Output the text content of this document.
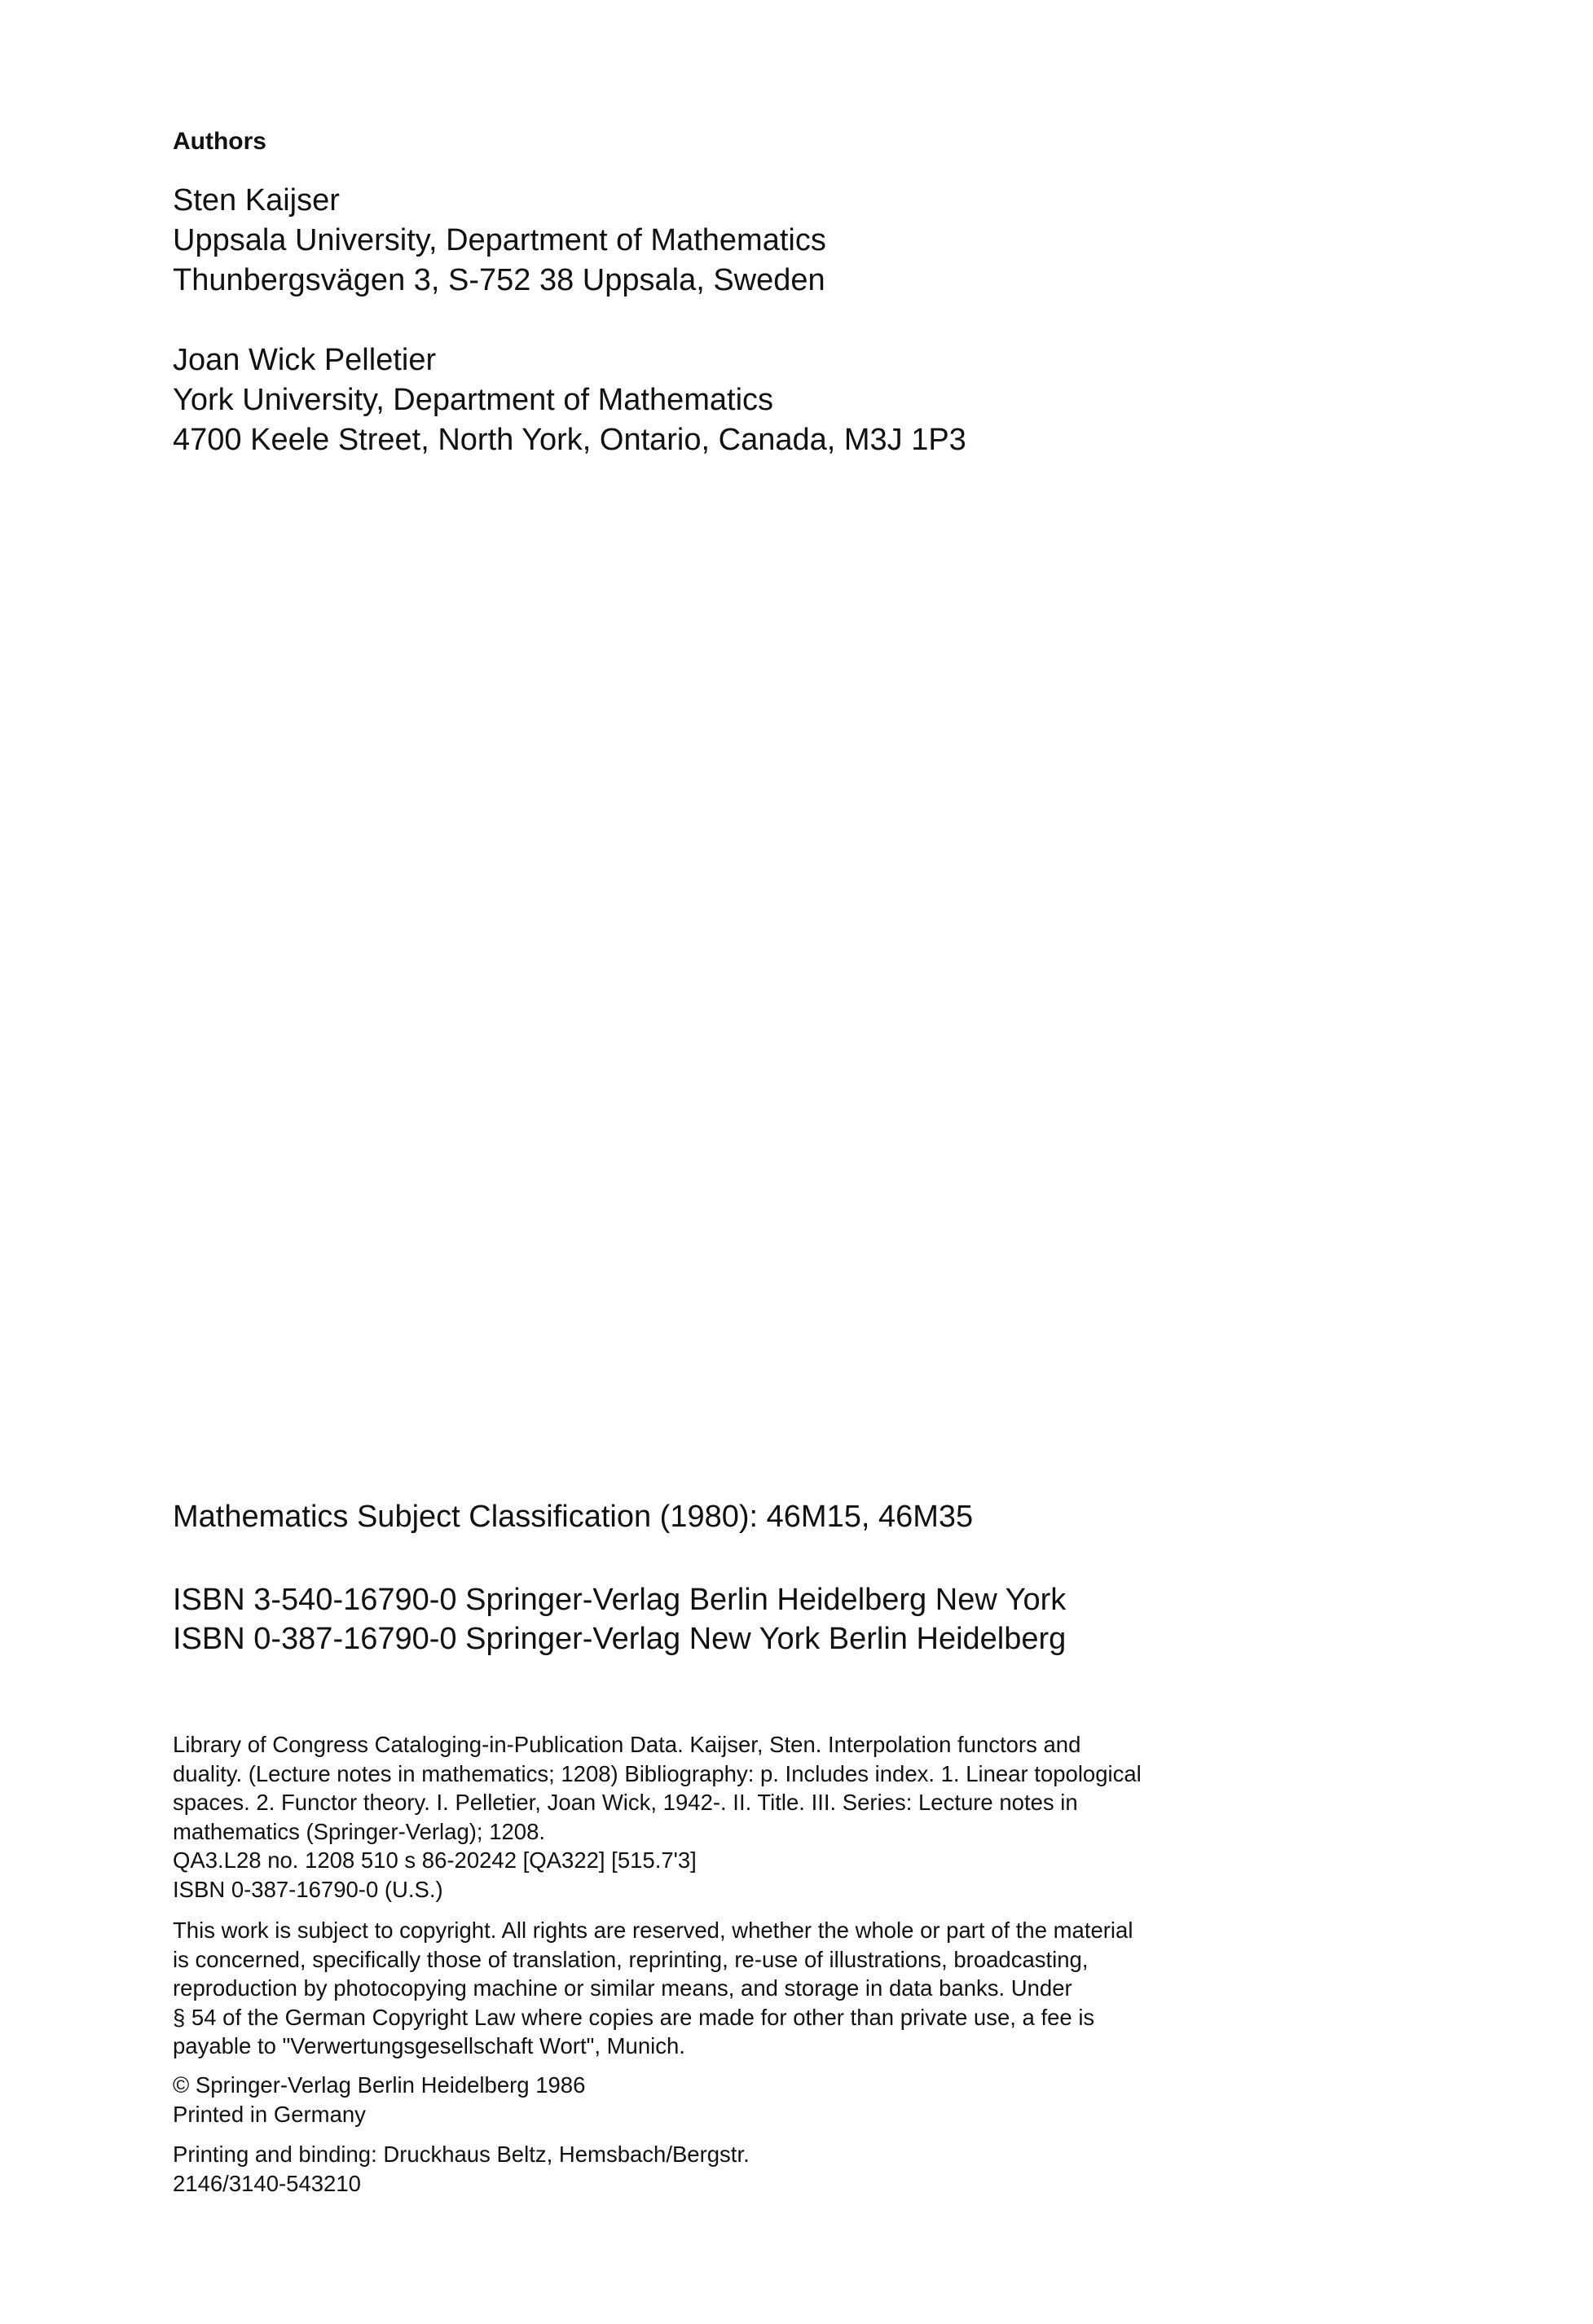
Authors
Sten Kaijser
Uppsala University, Department of Mathematics
Thunbergsvägen 3, S-752 38 Uppsala, Sweden
Joan Wick Pelletier
York University, Department of Mathematics
4700 Keele Street, North York, Ontario, Canada, M3J 1P3
Mathematics Subject Classification (1980): 46M15, 46M35
ISBN 3-540-16790-0 Springer-Verlag Berlin Heidelberg New York
ISBN 0-387-16790-0 Springer-Verlag New York Berlin Heidelberg
Library of Congress Cataloging-in-Publication Data. Kaijser, Sten. Interpolation functors and
duality. (Lecture notes in mathematics; 1208) Bibliography: p. Includes index. 1. Linear topological
spaces. 2. Functor theory. I. Pelletier, Joan Wick, 1942-. II. Title. III. Series: Lecture notes in
mathematics (Springer-Verlag); 1208.
QA3.L28 no. 1208 510 s 86-20242 [QA322] [515.7'3]
ISBN 0-387-16790-0 (U.S.)
This work is subject to copyright. All rights are reserved, whether the whole or part of the material
is concerned, specifically those of translation, reprinting, re-use of illustrations, broadcasting,
reproduction by photocopying machine or similar means, and storage in data banks. Under
§ 54 of the German Copyright Law where copies are made for other than private use, a fee is
payable to "Verwertungsgesellschaft Wort", Munich.
© Springer-Verlag Berlin Heidelberg 1986
Printed in Germany
Printing and binding: Druckhaus Beltz, Hemsbach/Bergstr.
2146/3140-543210
